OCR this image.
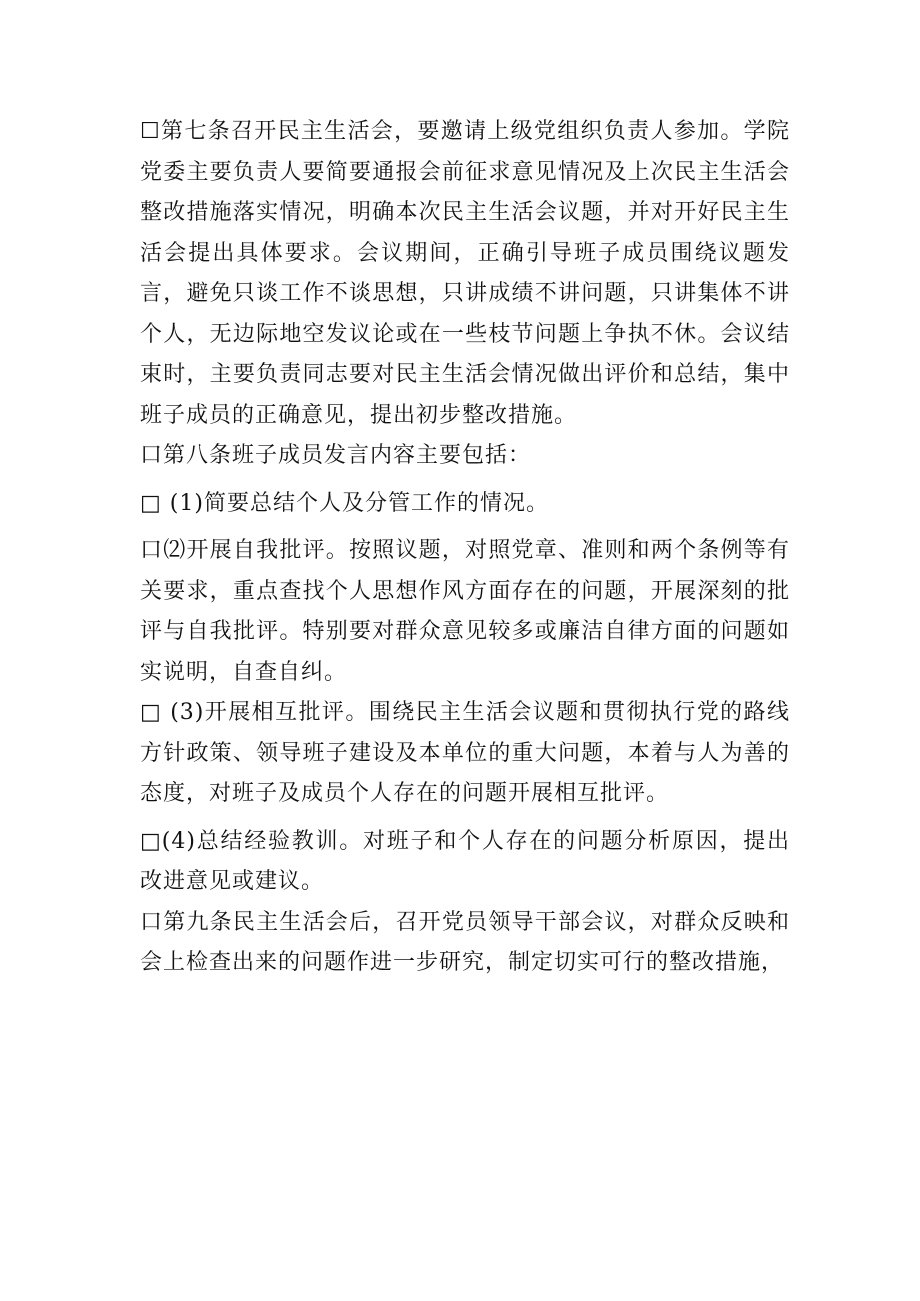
☐第七条召开民主生活会，要邀请上级党组织负责人参加。学院党委主要负责人要简要通报会前征求意见情况及上次民主生活会整改措施落实情况，明确本次民主生活会议题，并对开好民主生活会提出具体要求。会议期间，正确引导班子成员围绕议题发言，避免只谈工作不谈思想，只讲成绩不讲问题，只讲集体不讲个人，无边际地空发议论或在一些枝节问题上争执不休。会议结束时，主要负责同志要对民主生活会情况做出评价和总结，集中班子成员的正确意见，提出初步整改措施。

口第八条班子成员发言内容主要包括：

□ (1)简要总结个人及分管工作的情况。

口⑵开展自我批评。按照议题，对照党章、准则和两个条例等有关要求，重点查找个人思想作风方面存在的问题，开展深刻的批评与自我批评。特别要对群众意见较多或廉洁自律方面的问题如实说明，自查自纠。

□ (3)开展相互批评。围绕民主生活会议题和贯彻执行党的路线方针政策、领导班子建设及本单位的重大问题，本着与人为善的态度，对班子及成员个人存在的问题开展相互批评。

□(4)总结经验教训。对班子和个人存在的问题分析原因，提出改进意见或建议。

口第九条民主生活会后，召开党员领导干部会议，对群众反映和会上检查出来的问题作进一步研究，制定切实可行的整改措施，
